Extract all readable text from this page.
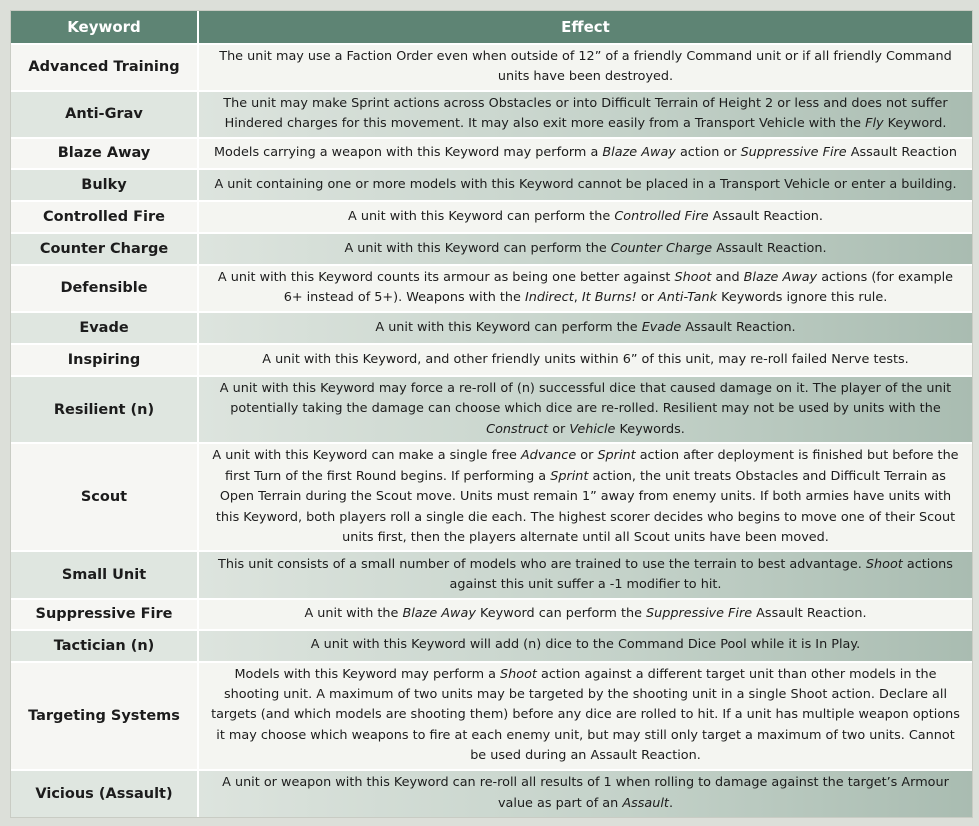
Keyword	Effect
Advanced Training	The unit may use a Faction Order even when outside of 12” of a friendly Command unit or if all friendly Command units have been destroyed.
Anti-Grav	The unit may make Sprint actions across Obstacles or into Difficult Terrain of Height 2 or less and does not suffer Hindered charges for this movement. It may also exit more easily from a Transport Vehicle with the Fly Keyword.
Blaze Away	Models carrying a weapon with this Keyword may perform a Blaze Away action or Suppressive Fire Assault Reaction
Bulky	A unit containing one or more models with this Keyword cannot be placed in a Transport Vehicle or enter a building.
Controlled Fire	A unit with this Keyword can perform the Controlled Fire Assault Reaction.
Counter Charge	A unit with this Keyword can perform the Counter Charge Assault Reaction.
Defensible	A unit with this Keyword counts its armour as being one better against Shoot and Blaze Away actions (for example 6+ instead of 5+). Weapons with the Indirect, It Burns! or Anti-Tank Keywords ignore this rule.
Evade	A unit with this Keyword can perform the Evade Assault Reaction.
Inspiring	A unit with this Keyword, and other friendly units within 6” of this unit, may re-roll failed Nerve tests.
Resilient (n)	A unit with this Keyword may force a re-roll of (n) successful dice that caused damage on it. The player of the unit potentially taking the damage can choose which dice are re-rolled. Resilient may not be used by units with the Construct or Vehicle Keywords.
Scout	A unit with this Keyword can make a single free Advance or Sprint action after deployment is finished but before the first Turn of the first Round begins. If performing a Sprint action, the unit treats Obstacles and Difficult Terrain as Open Terrain during the Scout move. Units must remain 1” away from enemy units. If both armies have units with this Keyword, both players roll a single die each. The highest scorer decides who begins to move one of their Scout units first, then the players alternate until all Scout units have been moved.
Small Unit	This unit consists of a small number of models who are trained to use the terrain to best advantage. Shoot actions against this unit suffer a -1 modifier to hit.
Suppressive Fire	A unit with the Blaze Away Keyword can perform the Suppressive Fire Assault Reaction.
Tactician (n)	A unit with this Keyword will add (n) dice to the Command Dice Pool while it is In Play.
Targeting Systems	Models with this Keyword may perform a Shoot action against a different target unit than other models in the shooting unit. A maximum of two units may be targeted by the shooting unit in a single Shoot action. Declare all targets (and which models are shooting them) before any dice are rolled to hit. If a unit has multiple weapon options it may choose which weapons to fire at each enemy unit, but may still only target a maximum of two units. Cannot be used during an Assault Reaction.
Vicious (Assault)	A unit or weapon with this Keyword can re-roll all results of 1 when rolling to damage against the target’s Armour value as part of an Assault.
